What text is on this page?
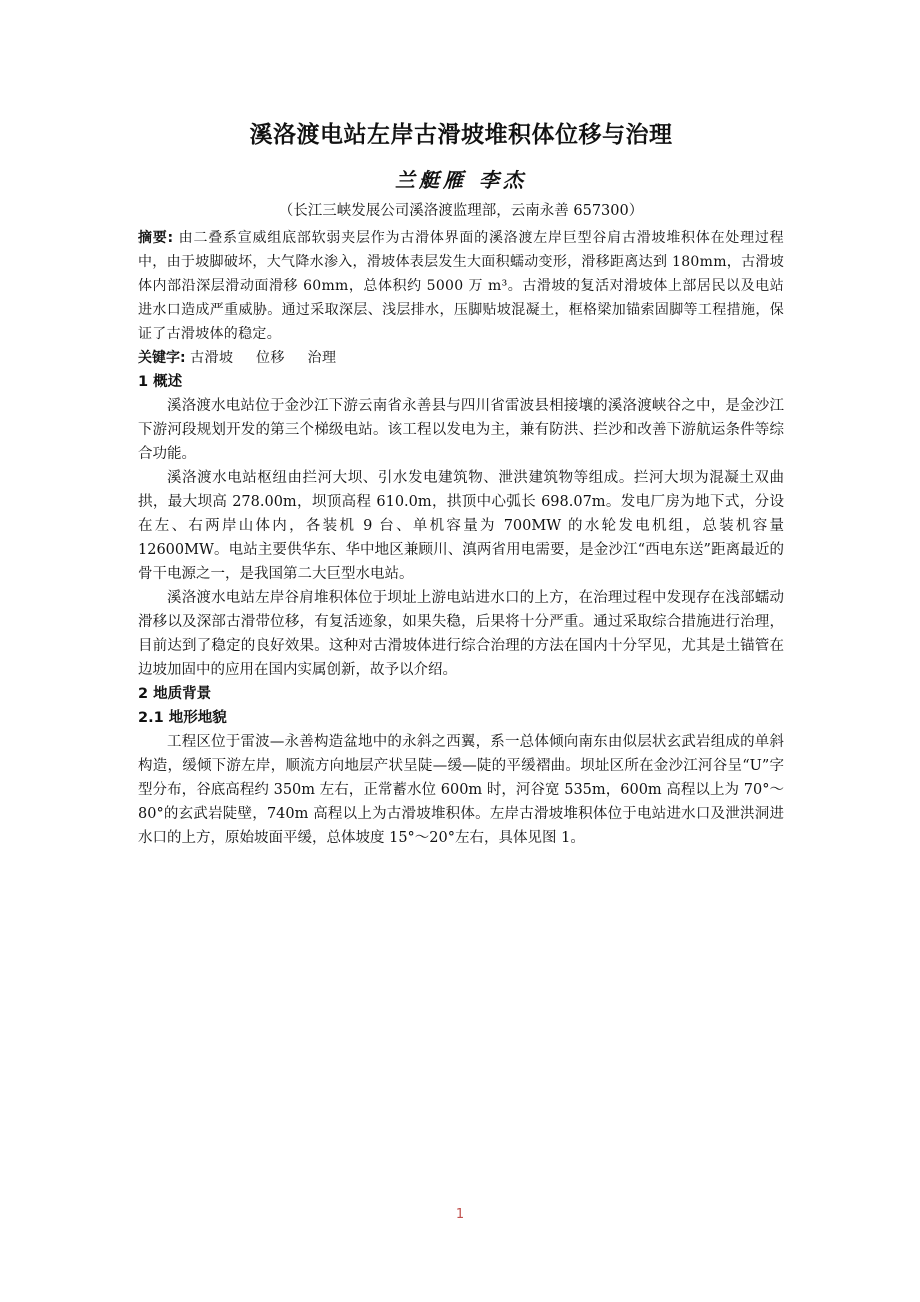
溪洛渡电站左岸古滑坡堆积体位移与治理
兰艇雁 李杰
（长江三峡发展公司溪洛渡监理部，云南永善 657300）
摘要: 由二叠系宣威组底部软弱夹层作为古滑体界面的溪洛渡左岸巨型谷肩古滑坡堆积体在处理过程中，由于坡脚破坏，大气降水渗入，滑坡体表层发生大面积蠕动变形，滑移距离达到 180mm，古滑坡体内部沿深层滑动面滑移 60mm，总体积约 5000 万 m³。古滑坡的复活对滑坡体上部居民以及电站进水口造成严重威胁。通过采取深层、浅层排水，压脚贴坡混凝土，框格梁加锚索固脚等工程措施，保证了古滑坡体的稳定。
关键字: 古滑坡 位移 治理
1 概述

溪洛渡水电站位于金沙江下游云南省永善县与四川省雷波县相接壤的溪洛渡峡谷之中，是金沙江下游河段规划开发的第三个梯级电站。该工程以发电为主，兼有防洪、拦沙和改善下游航运条件等综合功能。

溪洛渡水电站枢纽由拦河大坝、引水发电建筑物、泄洪建筑物等组成。拦河大坝为混凝土双曲拱，最大坝高 278.00m，坝顶高程 610.0m，拱顶中心弧长 698.07m。发电厂房为地下式，分设在左、右两岸山体内，各装机 9 台、单机容量为 700MW 的水轮发电机组，总装机容量 12600MW。电站主要供华东、华中地区兼顾川、滇两省用电需要，是金沙江“西电东送”距离最近的骨干电源之一，是我国第二大巨型水电站。

溪洛渡水电站左岸谷肩堆积体位于坝址上游电站进水口的上方，在治理过程中发现存在浅部蠕动滑移以及深部古滑带位移，有复活迹象，如果失稳，后果将十分严重。通过采取综合措施进行治理，目前达到了稳定的良好效果。这种对古滑坡体进行综合治理的方法在国内十分罕见，尤其是土锚管在边坡加固中的应用在国内实属创新，故予以介绍。

2 地质背景
2.1 地形地貌

工程区位于雷波—永善构造盆地中的永斜之西翼，系一总体倾向南东由似层状玄武岩组成的单斜构造，缓倾下游左岸，顺流方向地层产状呈陡—缓—陡的平缓褶曲。坝址区所在金沙江河谷呈“U”字型分布，谷底高程约 350m 左右，正常蓄水位 600m 时，河谷宽 535m，600m 高程以上为 70°～80°的玄武岩陡壁，740m 高程以上为古滑坡堆积体。左岸古滑坡堆积体位于电站进水口及泄洪洞进水口的上方，原始坡面平缓，总体坡度 15°～20°左右，具体见图 1。

1
